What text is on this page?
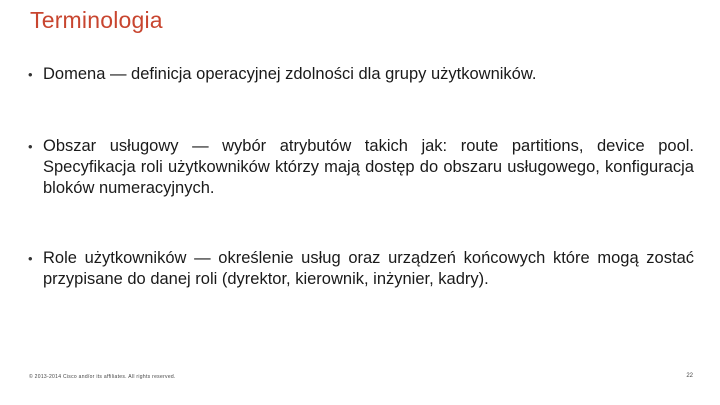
Terminologia
• Domena — definicja operacyjnej zdolności dla grupy użytkowników.
• Obszar usługowy — wybór atrybutów takich jak: route partitions, device pool. Specyfikacja roli użytkowników którzy mają dostęp do obszaru usługowego, konfiguracja bloków numeracyjnych.
• Role użytkowników — określenie usług oraz urządzeń końcowych które mogą zostać przypisane do danej roli (dyrektor, kierownik, inżynier, kadry).
© 2013-2014 Cisco and/or its affiliates. All rights reserved.	22
